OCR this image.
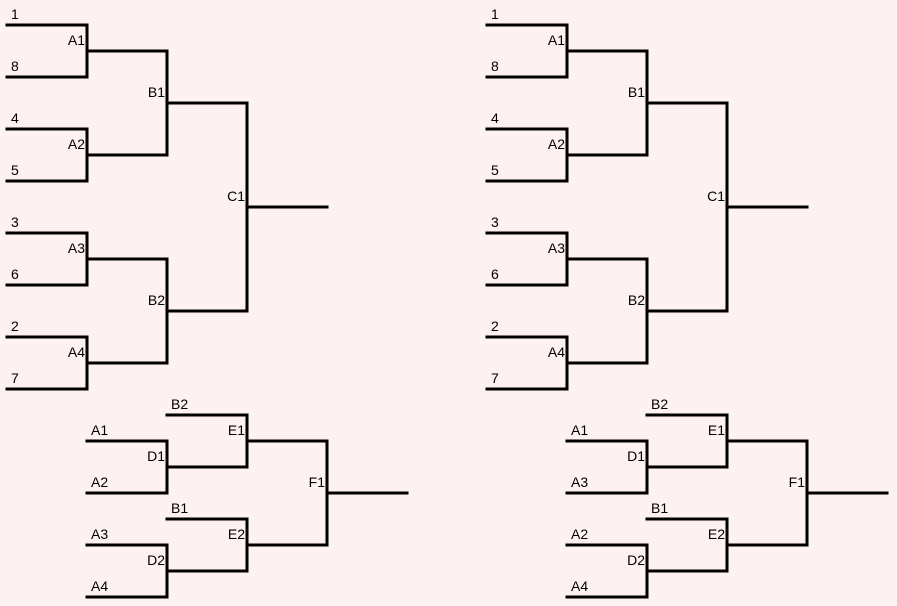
1
8
A1
4
5
A2
3
6
A3
2
7
A4
B1
B2
C1
1
8
A1
4
5
A2
3
6
A3
2
7
A4
B1
B2
C1
A1
A2
D1
B2
E1
A3
A4
D2
B1
E2
F1
A1
A3
D1
B2
E1
A2
A4
D2
B1
E2
F1
